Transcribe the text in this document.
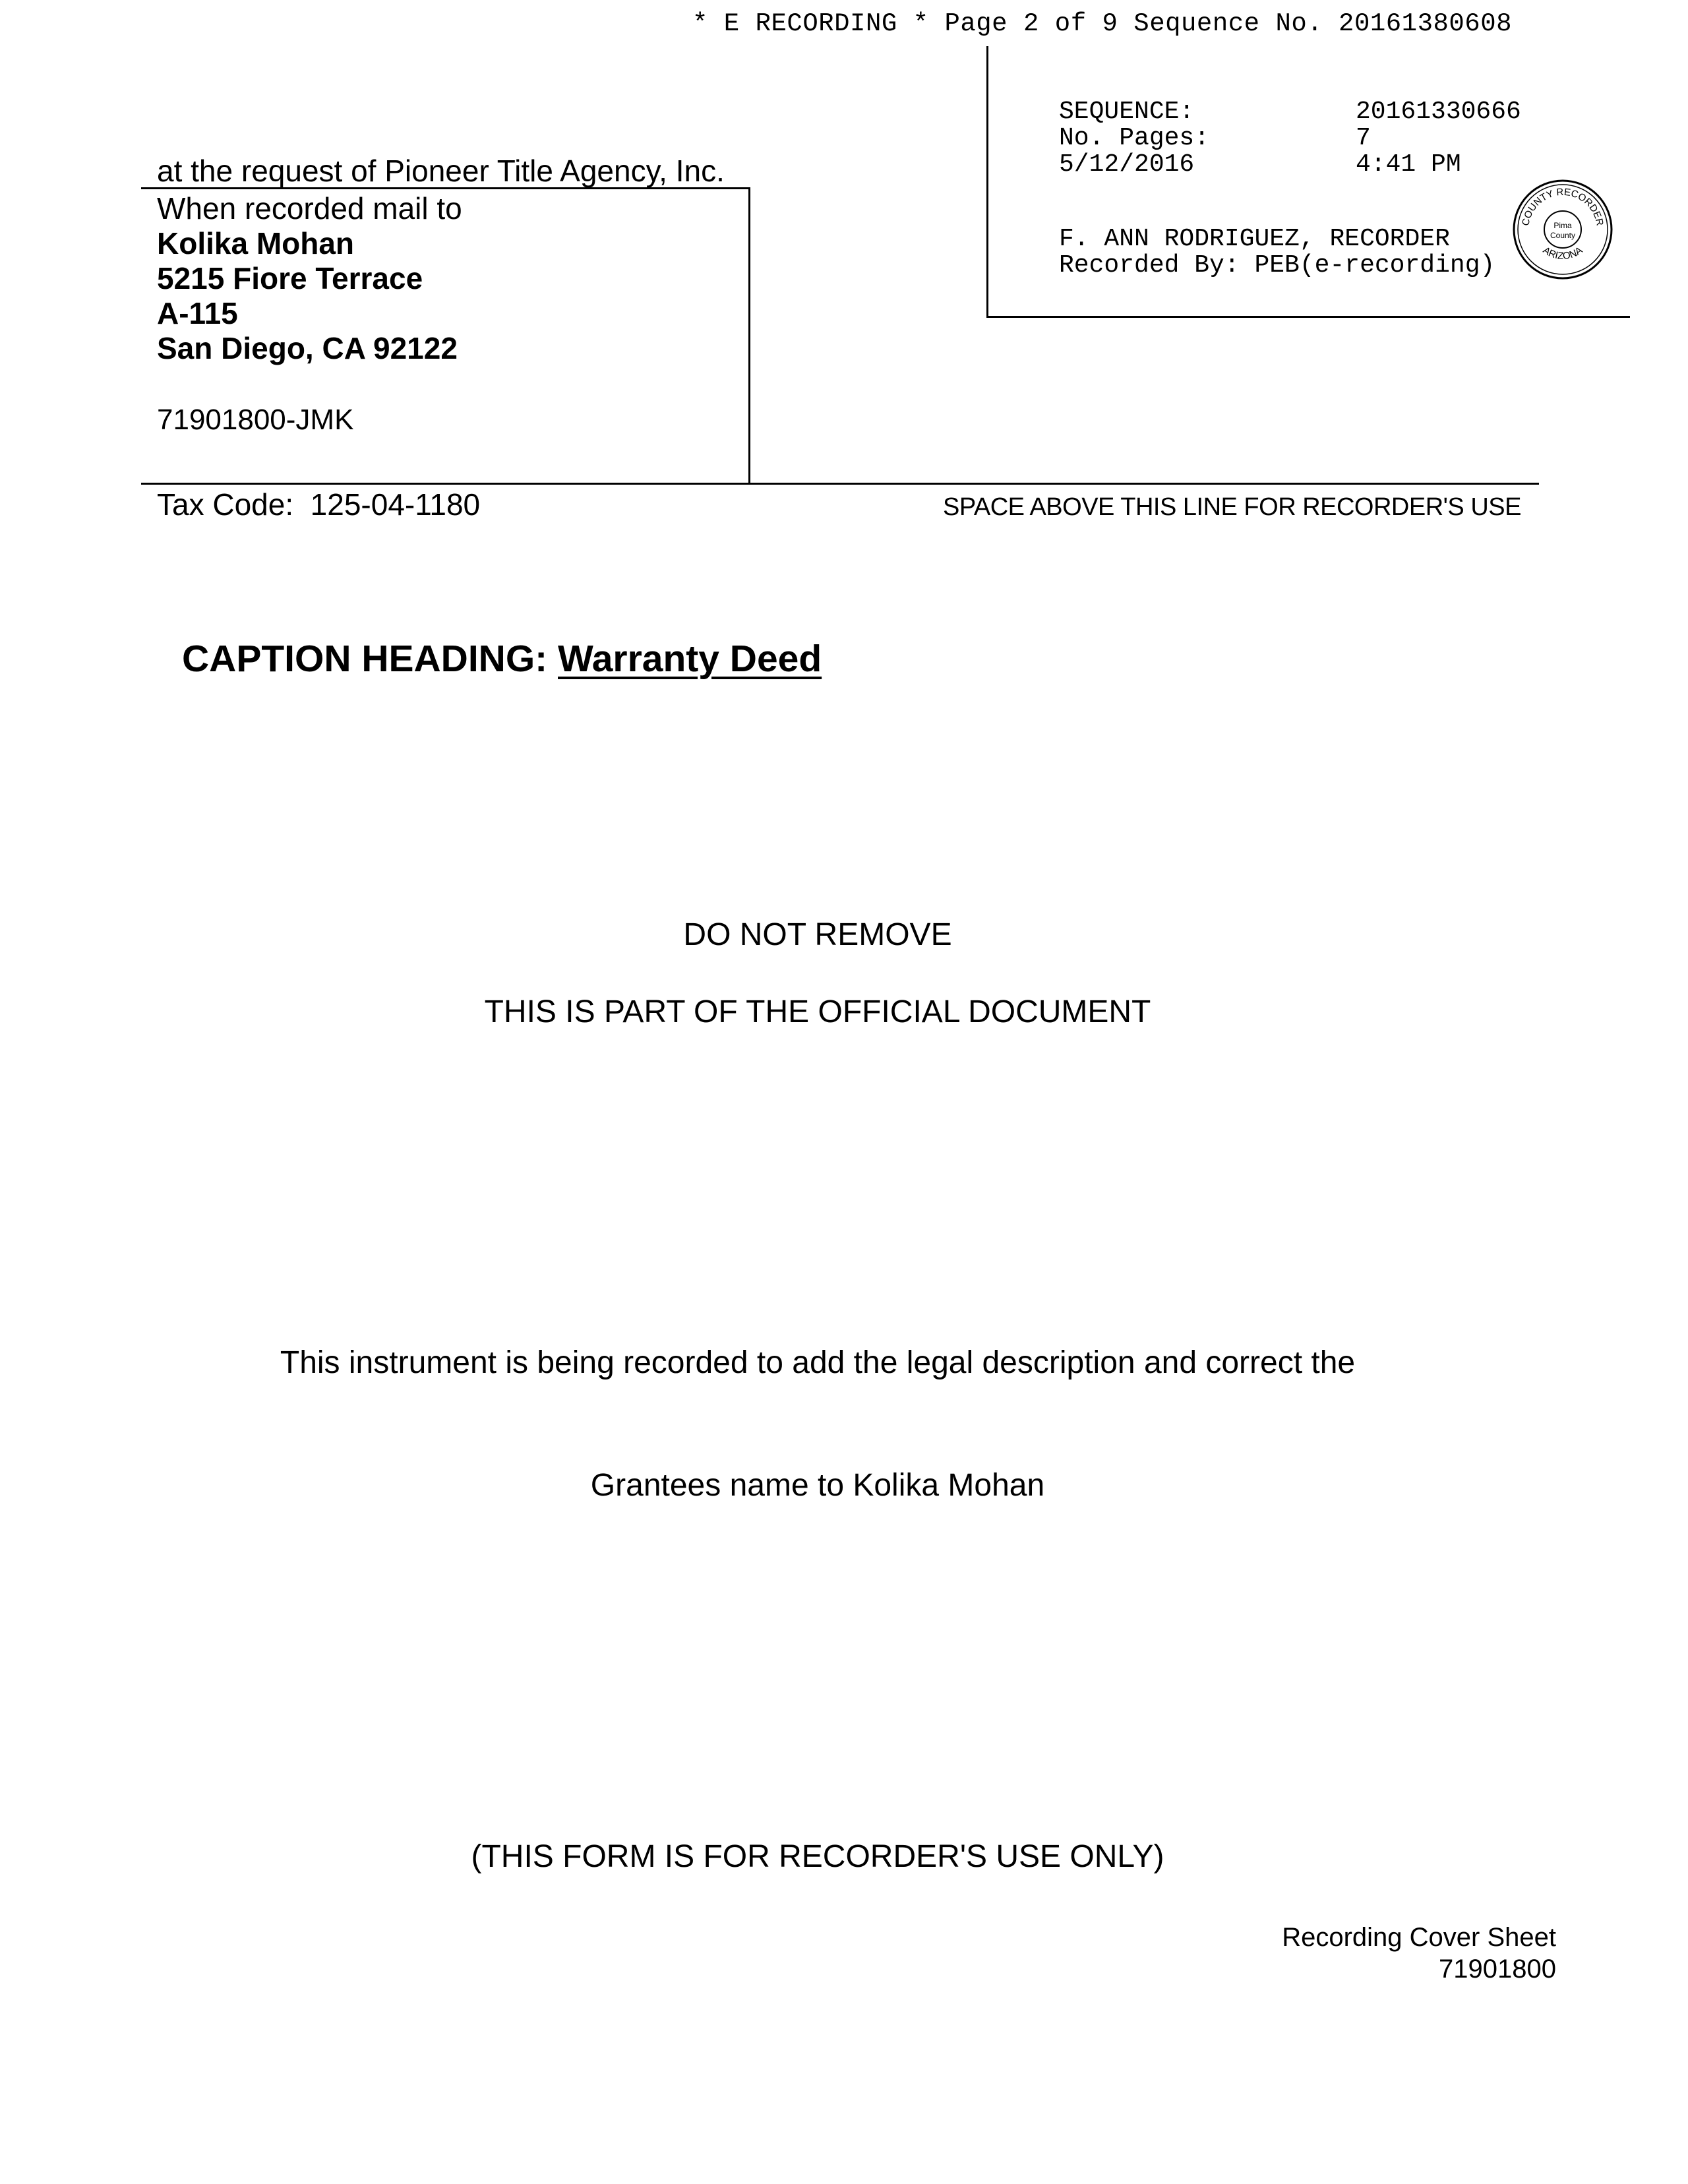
* E RECORDING * Page 2 of 9 Sequence No. 20161380608
SEQUENCE:	20161330666
No. Pages:	7
5/12/2016	4:41 PM
F. ANN RODRIGUEZ, RECORDER
Recorded By: PEB(e-recording)
COUNTY RECORDER
ARIZONA
Pima
County
at the request of Pioneer Title Agency, Inc.
When recorded mail to
Kolika Mohan
5215 Fiore Terrace
A-115
San Diego, CA 92122
71901800-JMK
Tax Code:  125-04-1180	SPACE ABOVE THIS LINE FOR RECORDER'S USE
CAPTION HEADING: Warranty Deed
DO NOT REMOVE
THIS IS PART OF THE OFFICIAL DOCUMENT

This instrument is being recorded to add the legal description and correct the

Grantees name to Kolika Mohan

(THIS FORM IS FOR RECORDER'S USE ONLY)
Recording Cover Sheet
71901800
